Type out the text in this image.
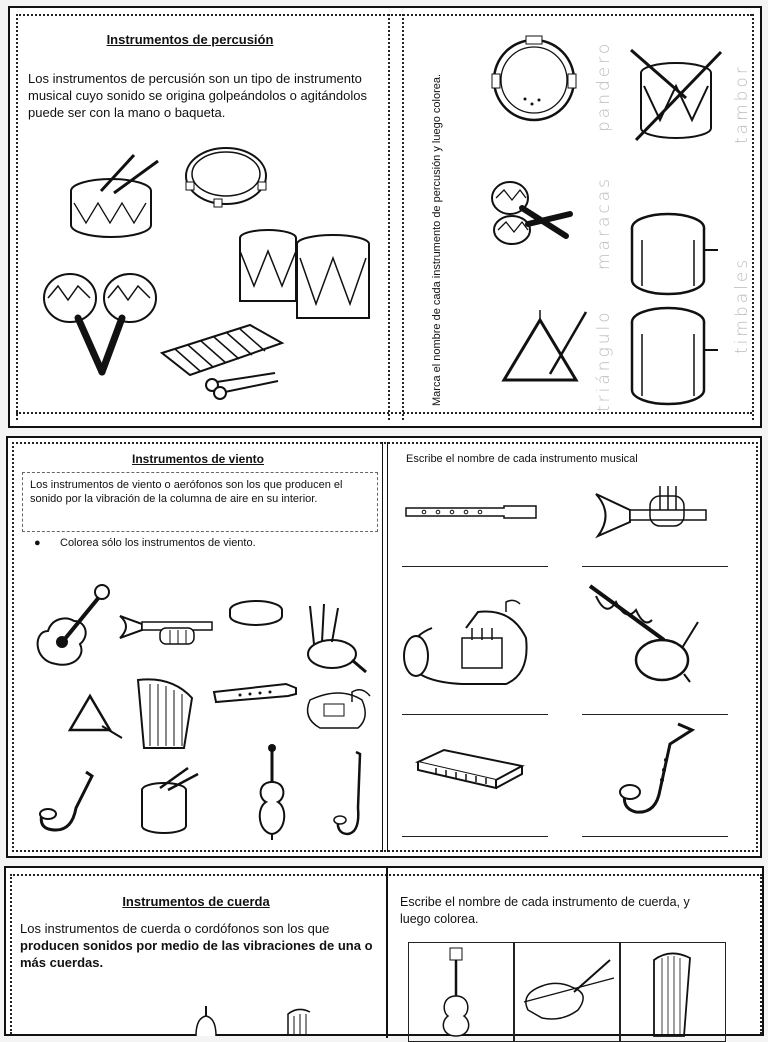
Instrumentos de percusión
Los instrumentos de percusión son un tipo de instrumento musical cuyo sonido se origina golpeándolos o agitándolos puede ser con la mano o baqueta.	Marca el nombre de cada instrumento de percusión y luego colorea.	pandero	tambor
maracas
timbales
triángulo
Instrumentos de viento
Los instrumentos de viento o aerófonos son los que producen el sonido por la vibración de la columna de aire en su interior.
● Colorea sólo los instrumentos de viento.
Escribe el nombre de cada instrumento musical
Instrumentos de cuerda
Los instrumentos de cuerda o cordófonos son los que producen sonidos por medio de las vibraciones de una o más cuerdas.
Escribe el nombre de cada instrumento de cuerda, y luego colorea.
